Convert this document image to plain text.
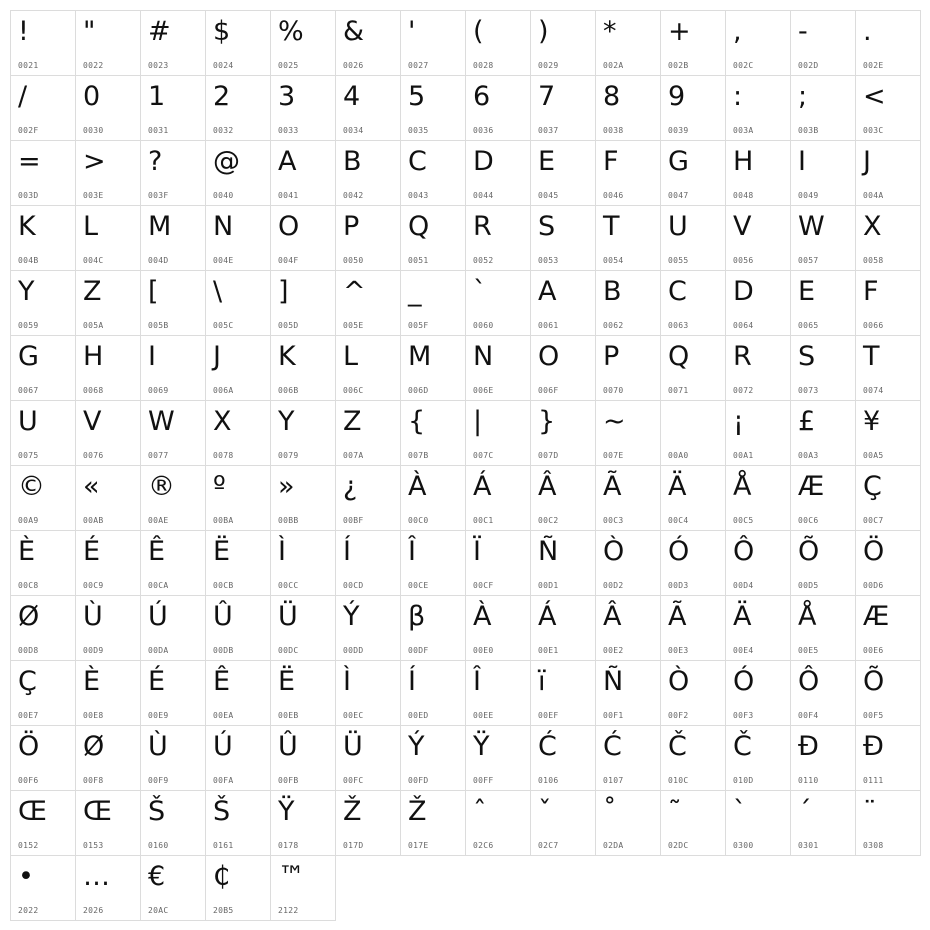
!
0021
"
0022
#
0023
$
0024
%
0025
&
0026
'
0027
(
0028
)
0029
*
002A
+
002B
,
002C
-
002D
.
002E
/
002F
0
0030
1
0031
2
0032
3
0033
4
0034
5
0035
6
0036
7
0037
8
0038
9
0039
:
003A
;
003B
<
003C
=
003D
>
003E
?
003F
@
0040
A
0041
B
0042
C
0043
D
0044
E
0045
F
0046
G
0047
H
0048
I
0049
J
004A
K
004B
L
004C
M
004D
N
004E
O
004F
P
0050
Q
0051
R
0052
S
0053
T
0054
U
0055
V
0056
W
0057
X
0058
Y
0059
Z
005A
[
005B
\
005C
]
005D
^
005E
_
005F
`
0060
A
0061
B
0062
C
0063
D
0064
E
0065
F
0066
G
0067
H
0068
I
0069
J
006A
K
006B
L
006C
M
006D
N
006E
O
006F
P
0070
Q
0071
R
0072
S
0073
T
0074
U
0075
V
0076
W
0077
X
0078
Y
0079
Z
007A
{
007B
|
007C
}
007D
~
007E	00A0
¡
00A1
£
00A3
¥
00A5
©
00A9
«
00AB
®
00AE
º
00BA
»
00BB
¿
00BF
À
00C0
Á
00C1
Â
00C2
Ã
00C3
Ä
00C4
Å
00C5
Æ
00C6
Ç
00C7
È
00C8
É
00C9
Ê
00CA
Ë
00CB
Ì
00CC
Í
00CD
Î
00CE
Ï
00CF
Ñ
00D1
Ò
00D2
Ó
00D3
Ô
00D4
Õ
00D5
Ö
00D6
Ø
00D8
Ù
00D9
Ú
00DA
Û
00DB
Ü
00DC
Ý
00DD
β
00DF
À
00E0
Á
00E1
Â
00E2
Ã
00E3
Ä
00E4
Å
00E5
Æ
00E6
Ç
00E7
È
00E8
É
00E9
Ê
00EA
Ë
00EB
Ì
00EC
Í
00ED
Î
00EE
ï
00EF
Ñ
00F1
Ò
00F2
Ó
00F3
Ô
00F4
Õ
00F5
Ö
00F6
Ø
00F8
Ù
00F9
Ú
00FA
Û
00FB
Ü
00FC
Ý
00FD
Ÿ
00FF
Ć
0106
Ć
0107
Č
010C
Č
010D
Đ
0110
Đ
0111
Œ
0152
Œ
0153
Š
0160
Š
0161
Ÿ
0178
Ž
017D
Ž
017E
ˆ
02C6
ˇ
02C7
˚
02DA
˜
02DC
`
0300
´
0301
¨
0308
•
2022
…
2026
€
20AC
₵
20B5
™
2122
